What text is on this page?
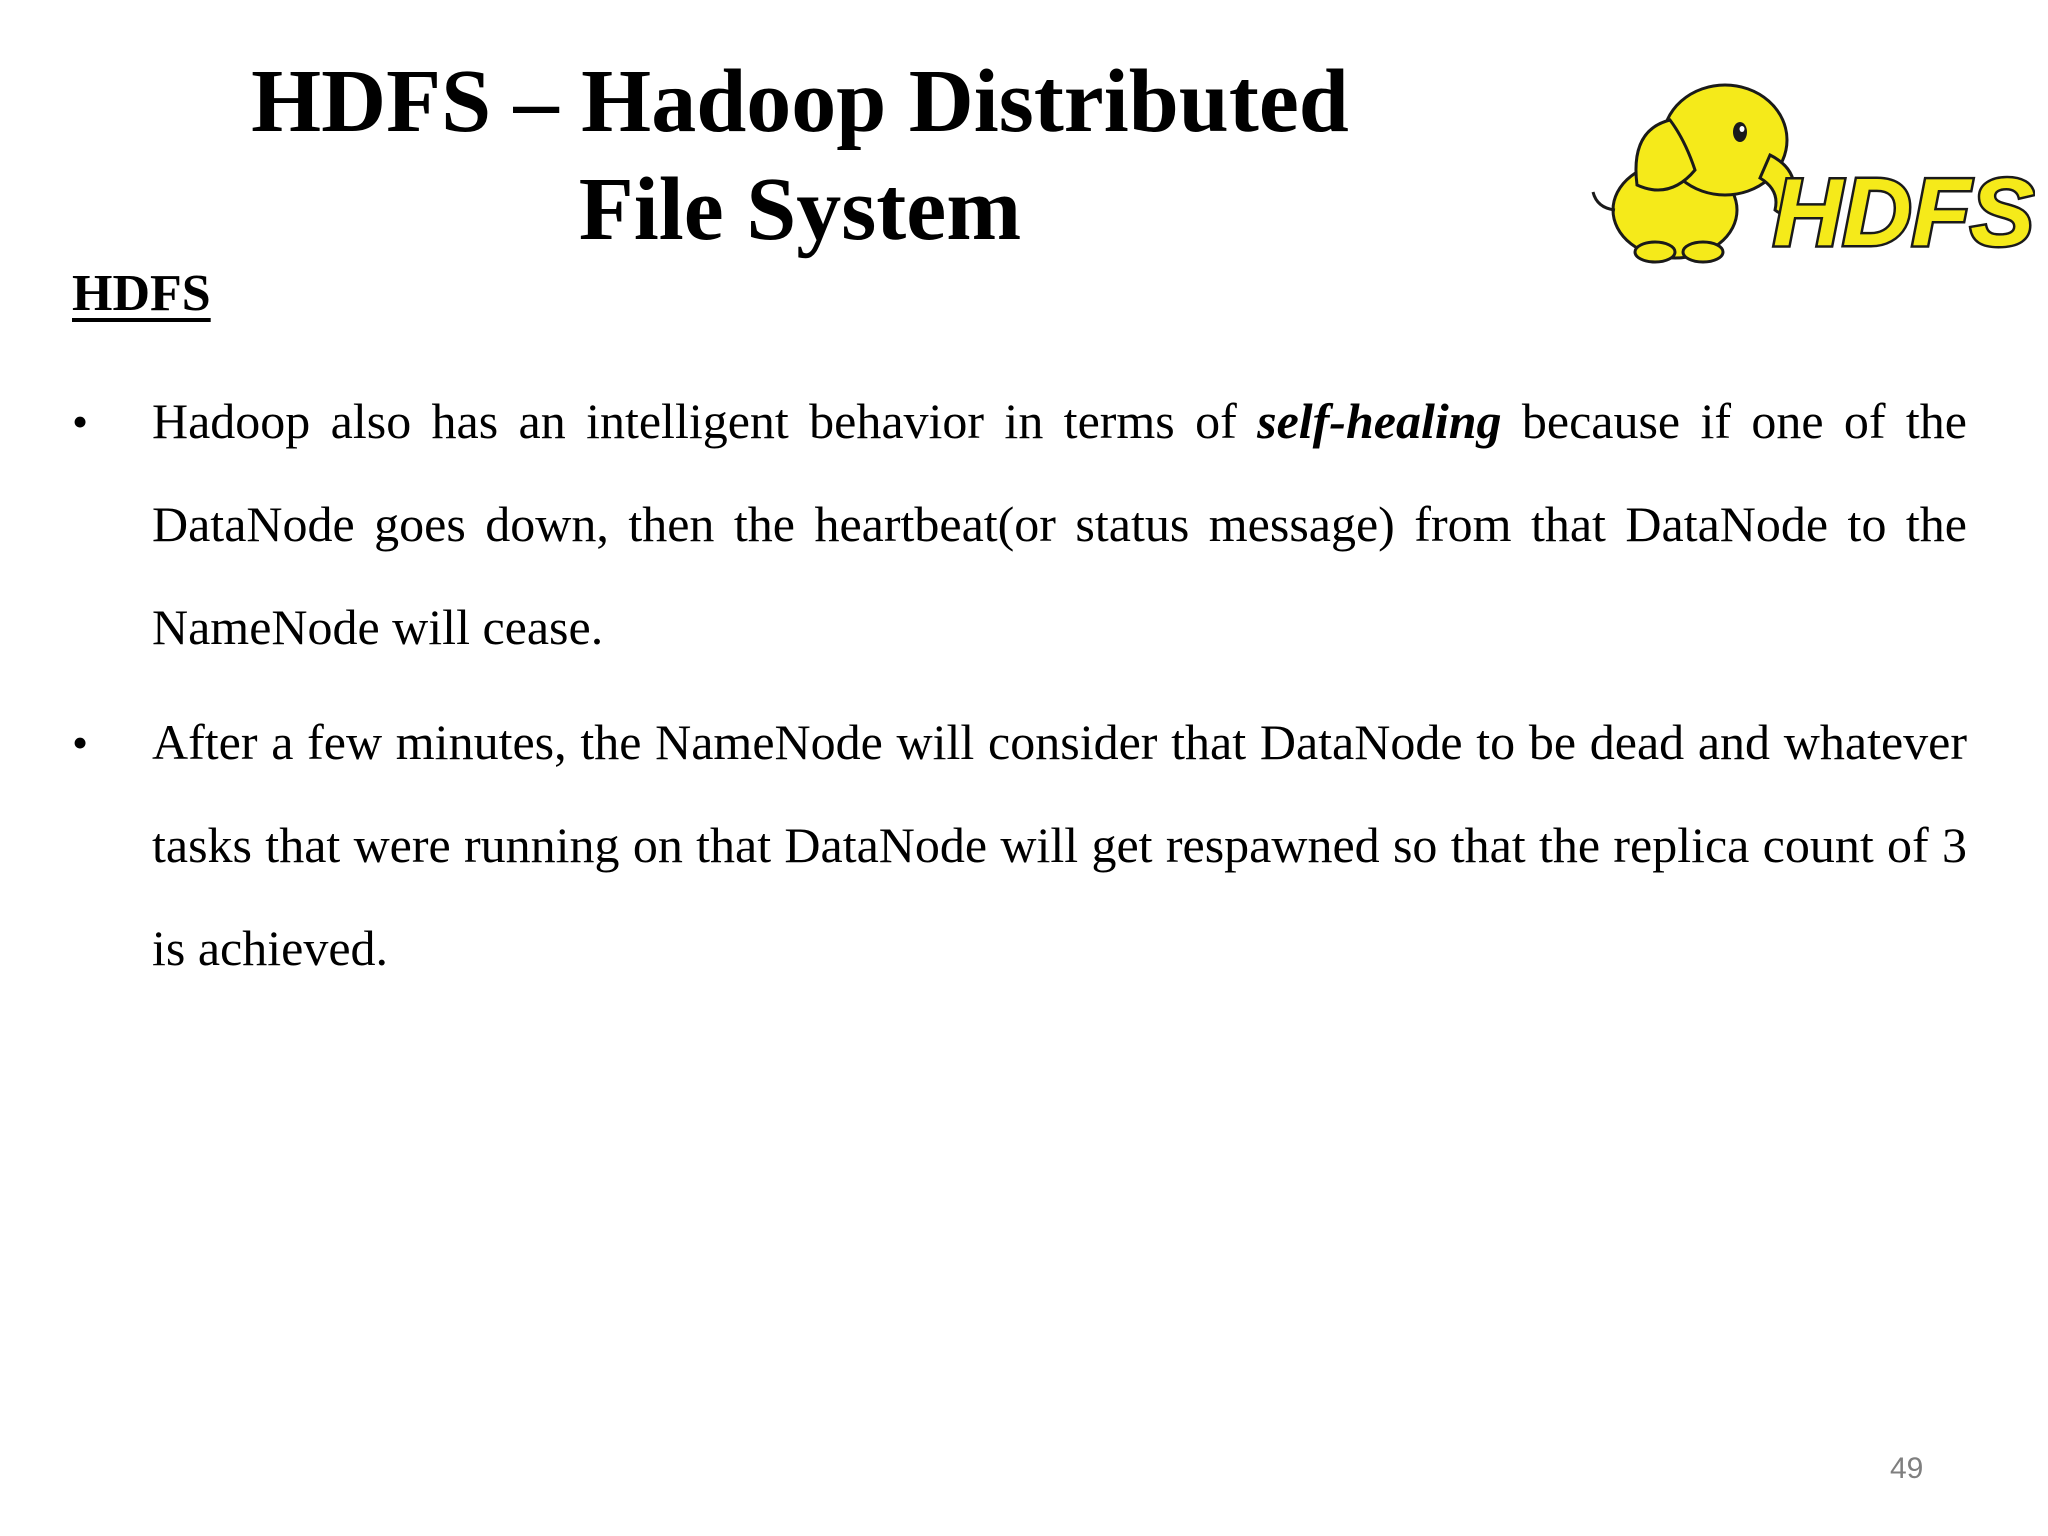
HDFS – Hadoop Distributed
File System	HDFS
HDFS
•	Hadoop also has an intelligent behavior in terms of self-healing because if one of the DataNode goes down, then the heartbeat(or status message) from that DataNode to the NameNode will cease.
•	After a few minutes, the NameNode will consider that DataNode to be dead and whatever tasks that were running on that DataNode will get respawned so that the replica count of 3 is achieved.
49
